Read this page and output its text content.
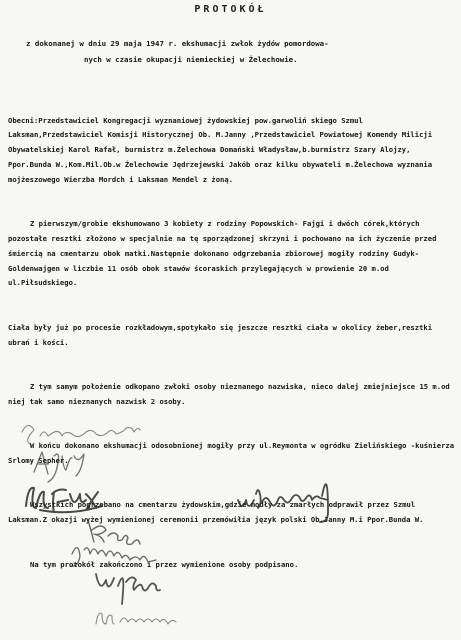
PROTOKÓŁ
z dokonanej w dniu 29 maja 1947 r. ekshumacji zwłok żydów pomordowa-
nych w czasie okupacji niemieckiej w Żelechowie.

Obecni:Przedstawiciel Kongregacji wyznaniowej żydowskiej pow.garwoliń skiego Szmul Laksman,Przedstawiciel Komisji Historycznej Ob. M.Janny ,Przedstawiciel Powiatowej Komendy Milicji Obywatelskiej Karol Rafał, burmistrz m.Żelechowa Domański Władysław,b.burmistrz Szary Alojzy, Ppor.Bunda W.,Kom.Mil.Ob.w Żelechowie Jędrzejewski Jakób oraz kilku obywateli m.Żelechowa wyznania mojżeszowego Wierzba Mordch i Laksman Mendel z żoną.

Z pierwszym/grobie ekshumowano 3 kobiety z rodziny Popowskich- Fajgi i dwóch córek,których pozostałe resztki złożono w specjalnie na tę sporządzonej skrzyni i pochowano na ich życzenie przed śmiercią na cmentarzu obok matki.Następnie dokonano odgrzebania zbiorowej mogiły rodziny Gudyk-Goldenwajgen w liczbie 11 osób obok stawów ścoraskich przylegających w prowienie 20 m.od ul.Piłsudskiego.

Ciała były już po procesie rozkładowym,spotykało się jeszcze resztki ciała w okolicy żeber,resztki ubrań i kości.

Z tym samym położenie odkopano zwłoki osoby nieznanego nazwiska, nieco dalej zmiejniejsce 15 m.od niej tak samo nieznanych nazwisk 2 osoby.

W końcu dokonano ekshumacji odosobnionej mogiły przy ul.Reymonta w ogródku Zielińskiego -kuśnierza Srlomy Sepher.

Wszystkich pogrzebano na cmentarzu żydowskim,gdzie modły za zmarłych odprawił przez Szmul Laksman.Z okazji wyżej wymienionej ceremonii przemówiłia język polski Ob.Janny M.i Ppor.Bunda W.

Na tym protokół zakończono i przez wymienione osoby podpisano.
